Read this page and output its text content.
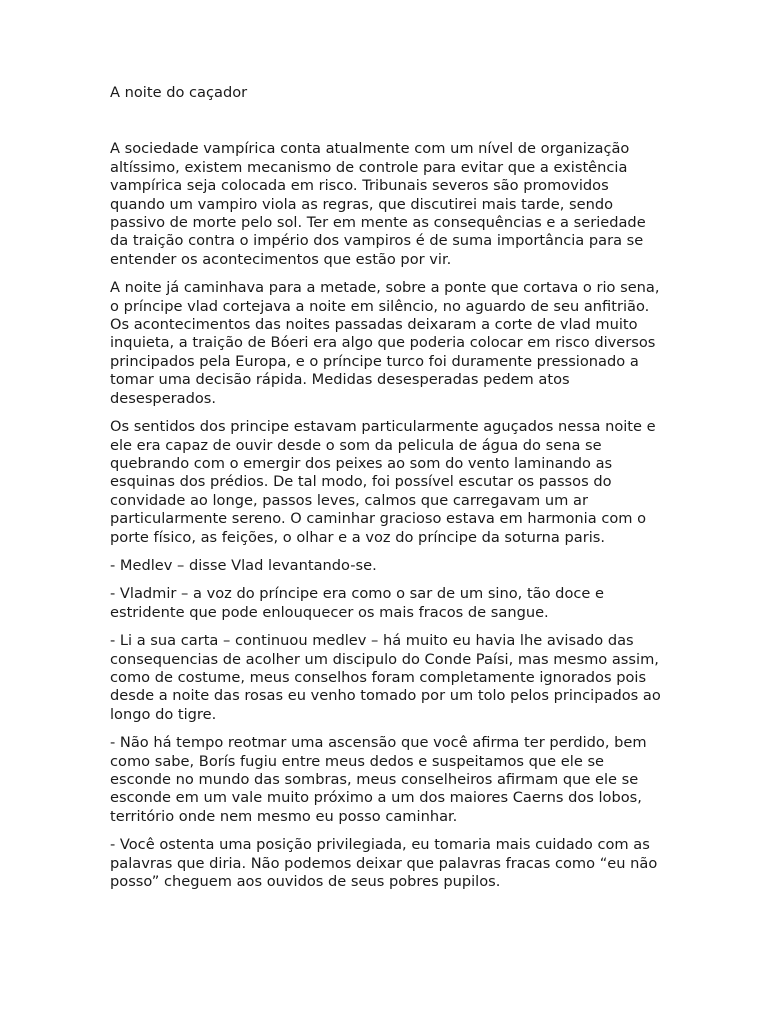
A noite do caçador

A sociedade vampírica conta atualmente com um nível de organização altíssimo, existem mecanismo de controle para evitar que a existência vampírica seja colocada em risco. Tribunais severos são promovidos quando um vampiro viola as regras, que discutirei mais tarde, sendo passivo de morte pelo sol. Ter em mente as consequências e a seriedade da traição contra o império dos vampiros é de suma importância para se entender os acontecimentos que estão por vir.

A noite já caminhava para a metade, sobre a ponte que cortava o rio sena, o príncipe vlad cortejava a noite em silêncio, no aguardo de seu anfitrião. Os acontecimentos das noites passadas deixaram a corte de vlad muito inquieta, a traição de Bóeri era algo que poderia colocar em risco diversos principados pela Europa, e o príncipe turco foi duramente pressionado a tomar uma decisão rápida. Medidas desesperadas pedem atos desesperados.

Os sentidos dos principe estavam particularmente aguçados nessa noite e ele era capaz de ouvir desde o som da pelicula de água do sena se quebrando com o emergir dos peixes ao som do vento laminando as esquinas dos prédios. De tal modo, foi possível escutar os passos do convidade ao longe, passos leves, calmos que carregavam um ar particularmente sereno. O caminhar gracioso estava em harmonia com o porte físico, as feições, o olhar e a voz do príncipe da soturna paris.

- Medlev – disse Vlad levantando-se.

- Vladmir – a voz do príncipe era como o sar de um sino, tão doce e estridente que pode enlouquecer os mais fracos de sangue.

- Li a sua carta – continuou medlev – há muito eu havia lhe avisado das consequencias de acolher um discipulo do Conde Paísi, mas mesmo assim, como de costume, meus conselhos foram completamente ignorados pois desde a noite das rosas eu venho tomado por um tolo pelos principados ao longo do tigre.

- Não há tempo reotmar uma ascensão que você afirma ter perdido, bem como sabe, Borís fugiu entre meus dedos e suspeitamos que ele se esconde no mundo das sombras, meus conselheiros afirmam que ele se esconde em um vale muito próximo a um dos maiores Caerns dos lobos, território onde nem mesmo eu posso caminhar.

- Você ostenta uma posição privilegiada, eu tomaria mais cuidado com as palavras que diria. Não podemos deixar que palavras fracas como “eu não posso” cheguem aos ouvidos de seus pobres pupilos.
